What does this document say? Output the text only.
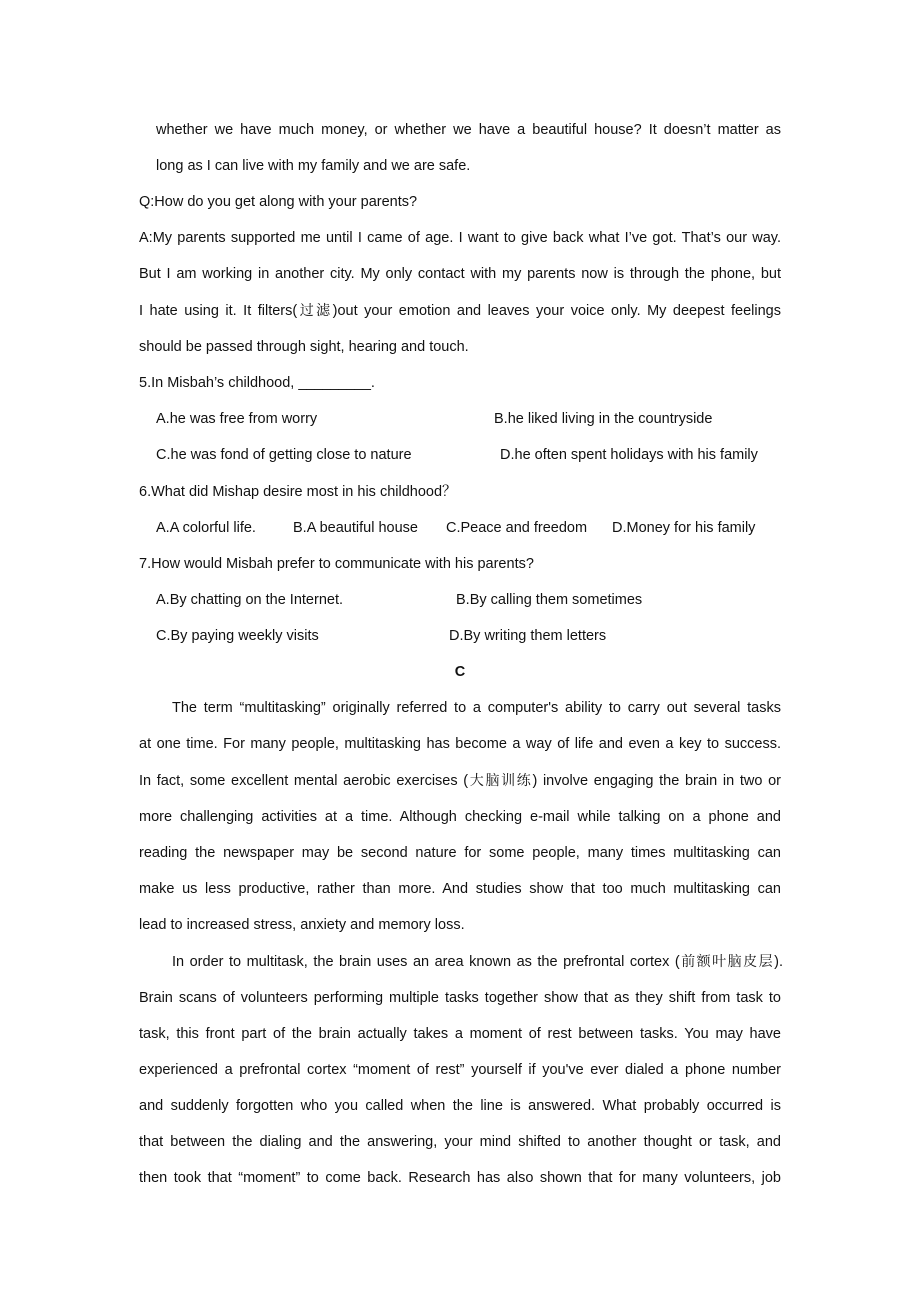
whether we have much money, or whether we have a beautiful house? It doesn’t matter as
long as I can live with my family and we are safe.
Q:How do you get along with your parents?
A:My parents supported me until I came of age. I want to give back what I’ve got. That’s our way.
But I am working in another city. My only contact with my parents now is through the phone, but
I hate using it. It filters(过滤)out your emotion and leaves your voice only. My deepest feelings
should be passed through sight, hearing and touch.
5.In Misbah’s childhood, _________.
A.he was free from worry	B.he liked living in the countryside
C.he was fond of getting close to nature	D.he often spent holidays with his family
6.What did Mishap desire most in his childhood？
A.A colorful life.	B.A beautiful house C.Peace and freedom D.Money for his family
7.How would Misbah prefer to communicate with his parents?
A.By chatting on the Internet.	B.By calling them sometimes
C.By paying weekly visits	D.By writing them letters
C
The term “multitasking” originally referred to a computer's ability to carry out several tasks
at one time. For many people, multitasking has become a way of life and even a key to success.
In fact, some excellent mental aerobic exercises (大脑训练) involve engaging the brain in two or
more challenging activities at a time. Although checking e-mail while talking on a phone and
reading the newspaper may be second nature for some people, many times multitasking can
make us less productive, rather than more. And studies show that too much multitasking can
lead to increased stress, anxiety and memory loss.
In order to multitask, the brain uses an area known as the prefrontal cortex (前额叶脑皮层).
Brain scans of volunteers performing multiple tasks together show that as they shift from task to
task, this front part of the brain actually takes a moment of rest between tasks. You may have
experienced a prefrontal cortex “moment of rest” yourself if you've ever dialed a phone number
and suddenly forgotten who you called when the line is answered. What probably occurred is
that between the dialing and the answering, your mind shifted to another thought or task, and
then took that “moment” to come back. Research has also shown that for many volunteers, job
